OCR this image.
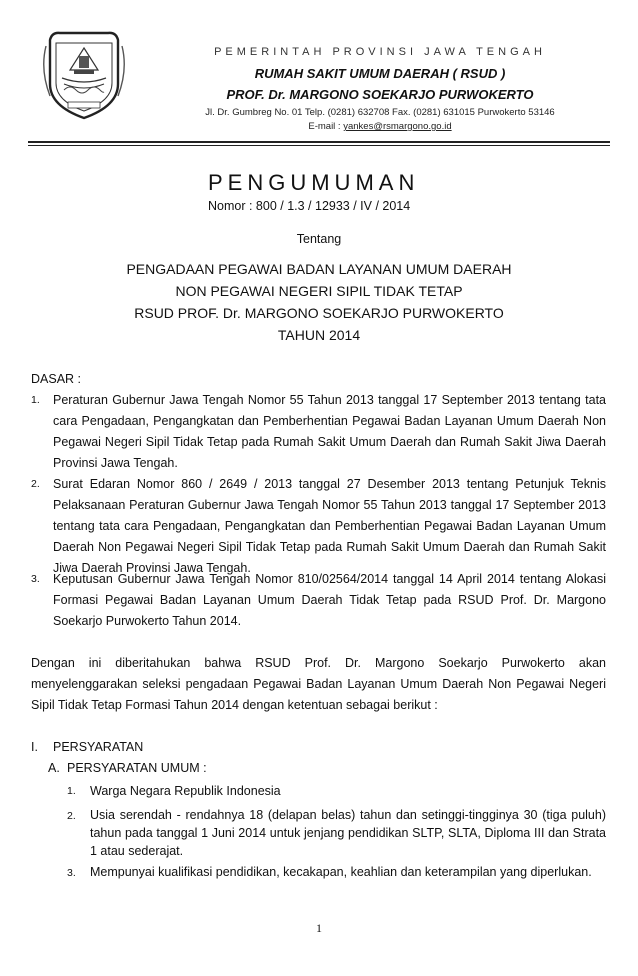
PEMERINTAH PROVINSI JAWA TENGAH
RUMAH SAKIT UMUM DAERAH ( RSUD )
PROF. Dr. MARGONO SOEKARJO PURWOKERTO
Jl. Dr. Gumbreg No. 01 Telp. (0281) 632708 Fax. (0281) 631015 Purwokerto 53146
E-mail : yankes@rsmargono.go.id
PENGUMUMAN
Nomor : 800 / 1.3 / 12933 / IV / 2014
Tentang
PENGADAAN PEGAWAI BADAN LAYANAN UMUM DAERAH
NON PEGAWAI NEGERI SIPIL TIDAK TETAP
RSUD PROF. Dr. MARGONO SOEKARJO PURWOKERTO
TAHUN 2014
DASAR :
1. Peraturan Gubernur Jawa Tengah Nomor 55 Tahun 2013 tanggal 17 September 2013 tentang tata cara Pengadaan, Pengangkatan dan Pemberhentian Pegawai Badan Layanan Umum Daerah Non Pegawai Negeri Sipil Tidak Tetap pada Rumah Sakit Umum Daerah dan Rumah Sakit Jiwa Daerah Provinsi Jawa Tengah.
2. Surat Edaran Nomor 860 / 2649 / 2013 tanggal 27 Desember 2013 tentang Petunjuk Teknis Pelaksanaan Peraturan Gubernur Jawa Tengah Nomor 55 Tahun 2013 tanggal 17 September 2013 tentang tata cara Pengadaan, Pengangkatan dan Pemberhentian Pegawai Badan Layanan Umum Daerah Non Pegawai Negeri Sipil Tidak Tetap pada Rumah Sakit Umum Daerah dan Rumah Sakit Jiwa Daerah Provinsi Jawa Tengah.
3. Keputusan Gubernur Jawa Tengah Nomor 810/02564/2014 tanggal 14 April 2014 tentang Alokasi Formasi Pegawai Badan Layanan Umum Daerah Tidak Tetap pada RSUD Prof. Dr. Margono Soekarjo Purwokerto Tahun 2014.
Dengan ini diberitahukan bahwa RSUD Prof. Dr. Margono Soekarjo Purwokerto akan menyelenggarakan seleksi pengadaan Pegawai Badan Layanan Umum Daerah Non Pegawai Negeri Sipil Tidak Tetap Formasi Tahun 2014 dengan ketentuan sebagai berikut :
I. PERSYARATAN
A. PERSYARATAN UMUM :
1. Warga Negara Republik Indonesia
2. Usia serendah - rendahnya 18 (delapan belas) tahun dan setinggi-tingginya 30 (tiga puluh) tahun pada tanggal 1 Juni 2014 untuk jenjang pendidikan SLTP, SLTA, Diploma III dan Strata 1 atau sederajat.
3. Mempunyai kualifikasi pendidikan, kecakapan, keahlian dan keterampilan yang diperlukan.
1
